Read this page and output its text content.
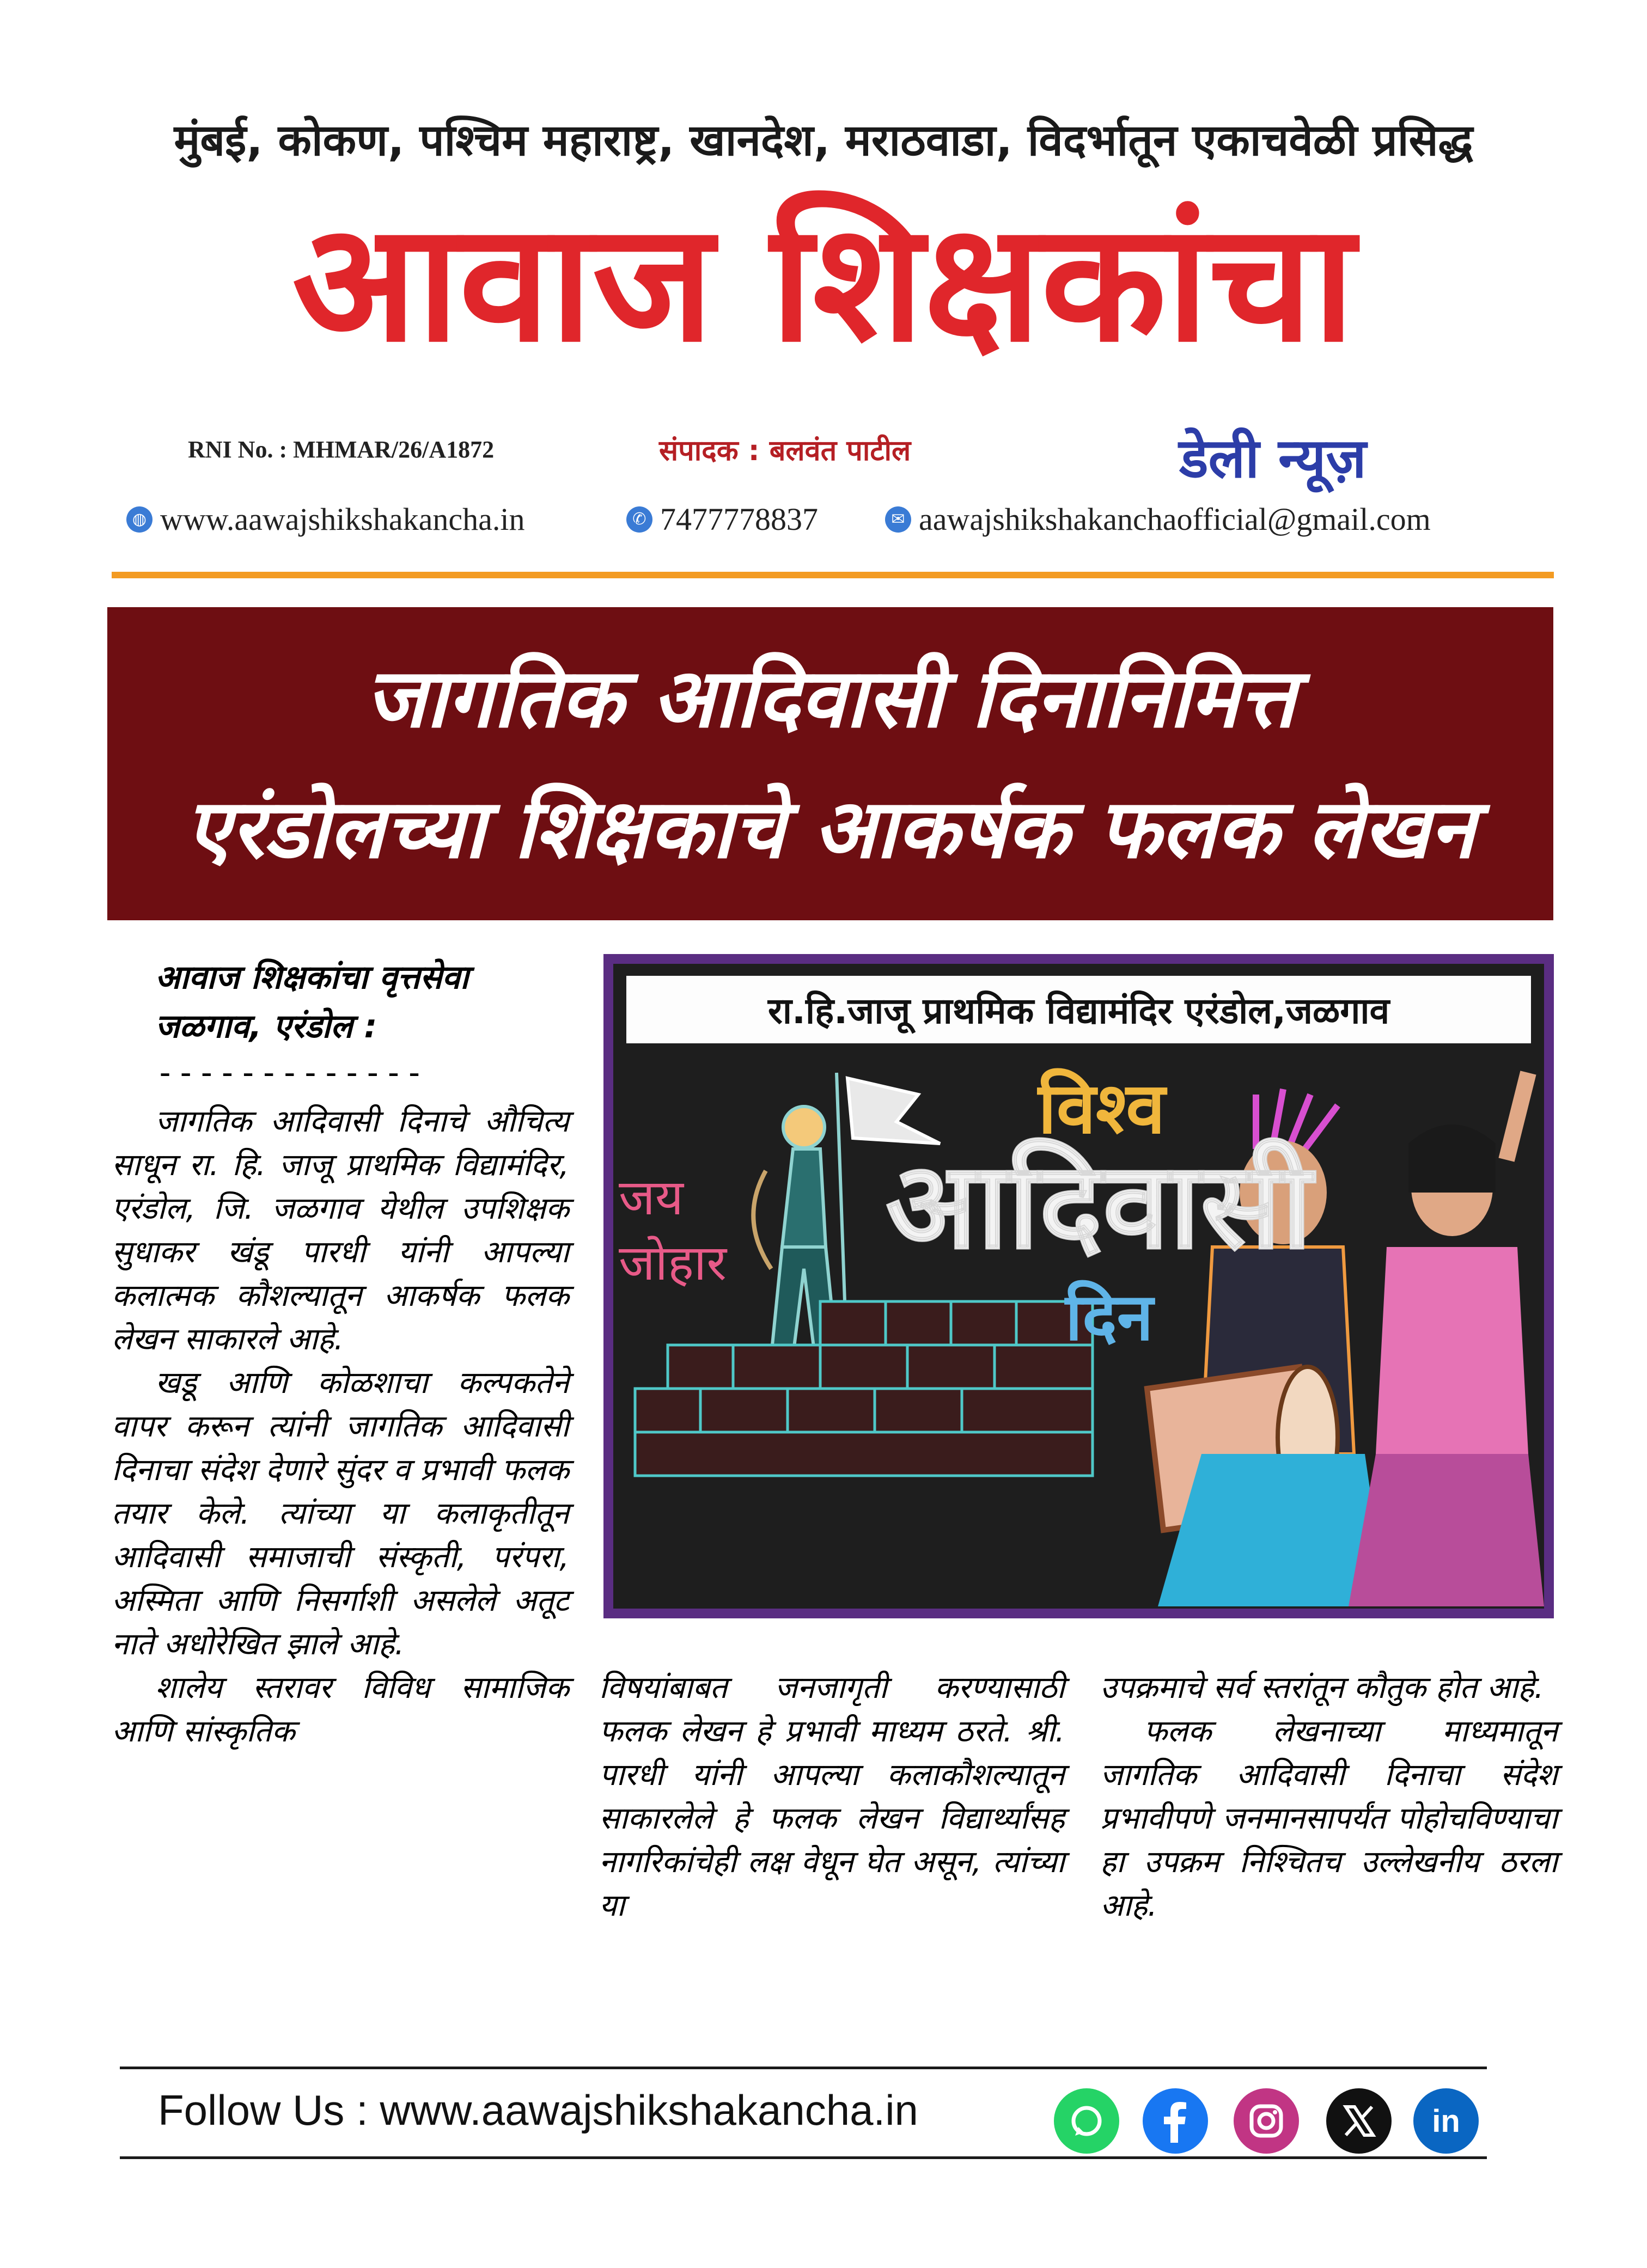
मुंबई, कोकण, पश्चिम महाराष्ट्र, खानदेश, मराठवाडा, विदर्भातून एकाचवेळी प्रसिद्ध
आवाज शिक्षकांचा
RNI No. : MHMAR/26/A1872	संपादक : बलवंत पाटील	डेली न्यूज़
◍ www.aawajshikshakancha.in	✆ 7477778837	✉ aawajshikshakanchaofficial@gmail.com
जागतिक आदिवासी दिनानिमित्त
एरंडोलच्या शिक्षकाचे आकर्षक फलक लेखन
आवाज शिक्षकांचा वृत्तसेवा
जळगाव, एरंडोल :
-------------

जागतिक आदिवासी दिनाचे औचित्य साधून रा. हि. जाजू प्राथमिक विद्यामंदिर, एरंडोल, जि. जळगाव येथील उपशिक्षक सुधाकर खंडू पारधी यांनी आपल्या कलात्मक कौशल्यातून आकर्षक फलक लेखन साकारले आहे.

खडू आणि कोळशाचा कल्पकतेने वापर करून त्यांनी जागतिक आदिवासी दिनाचा संदेश देणारे सुंदर व प्रभावी फलक तयार केले. त्यांच्या या कलाकृतीतून आदिवासी समाजाची संस्कृती, परंपरा, अस्मिता आणि निसर्गाशी असलेले अतूट नाते अधोरेखित झाले आहे.

शालेय स्तरावर विविध सामाजिक आणि सांस्कृतिक

रा.हि.जाजू प्राथमिक विद्यामंदिर एरंडोल,जळगाव
जय
जोहार
विश्व
आदिवासी
दिन

विषयांबाबत जनजागृती करण्यासाठी फलक लेखन हे प्रभावी माध्यम ठरते. श्री. पारधी यांनी आपल्या कलाकौशल्यातून साकारलेले हे फलक लेखन विद्यार्थ्यांसह नागरिकांचेही लक्ष वेधून घेत असून, त्यांच्या या

उपक्रमाचे सर्व स्तरांतून कौतुक होत आहे.

फलक लेखनाच्या माध्यमातून जागतिक आदिवासी दिनाचा संदेश प्रभावीपणे जनमानसापर्यंत पोहोचविण्याचा हा उपक्रम निश्चितच उल्लेखनीय ठरला आहे.

Follow Us : www.aawajshikshakancha.in	in
